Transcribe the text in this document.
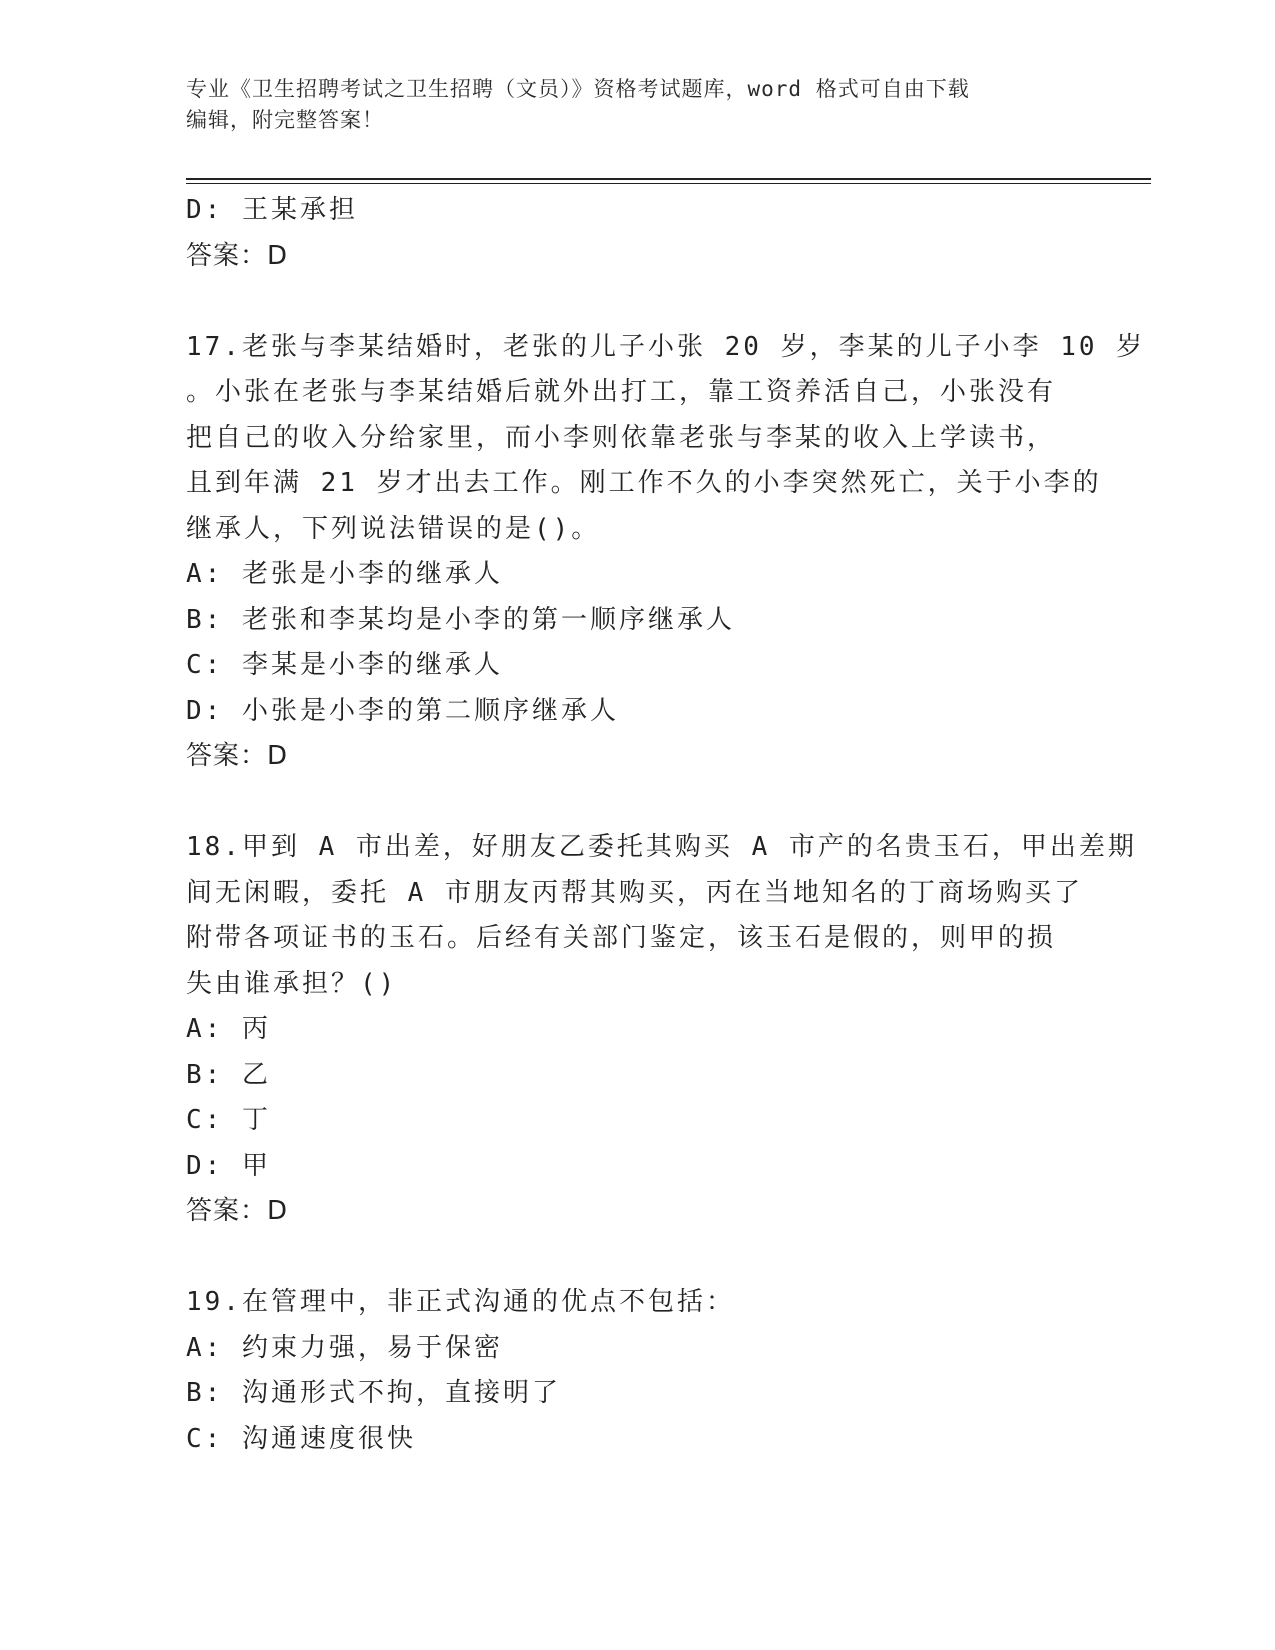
专业《卫生招聘考试之卫生招聘（文员）》资格考试题库，word 格式可自由下载
编辑，附完整答案！
D: 王某承担
答案：D
17.老张与李某结婚时，老张的儿子小张 20 岁，李某的儿子小李 10 岁
。小张在老张与李某结婚后就外出打工，靠工资养活自己，小张没有
把自己的收入分给家里，而小李则依靠老张与李某的收入上学读书，
且到年满 21 岁才出去工作。刚工作不久的小李突然死亡，关于小李的
继承人，下列说法错误的是()。
A: 老张是小李的继承人
B: 老张和李某均是小李的第一顺序继承人
C: 李某是小李的继承人
D: 小张是小李的第二顺序继承人
答案：D
18.甲到 A 市出差，好朋友乙委托其购买 A 市产的名贵玉石，甲出差期
间无闲暇，委托 A 市朋友丙帮其购买，丙在当地知名的丁商场购买了
附带各项证书的玉石。后经有关部门鉴定，该玉石是假的，则甲的损
失由谁承担？()
A: 丙
B: 乙
C: 丁
D: 甲
答案：D
19.在管理中，非正式沟通的优点不包括：
A: 约束力强，易于保密
B: 沟通形式不拘，直接明了
C: 沟通速度很快
